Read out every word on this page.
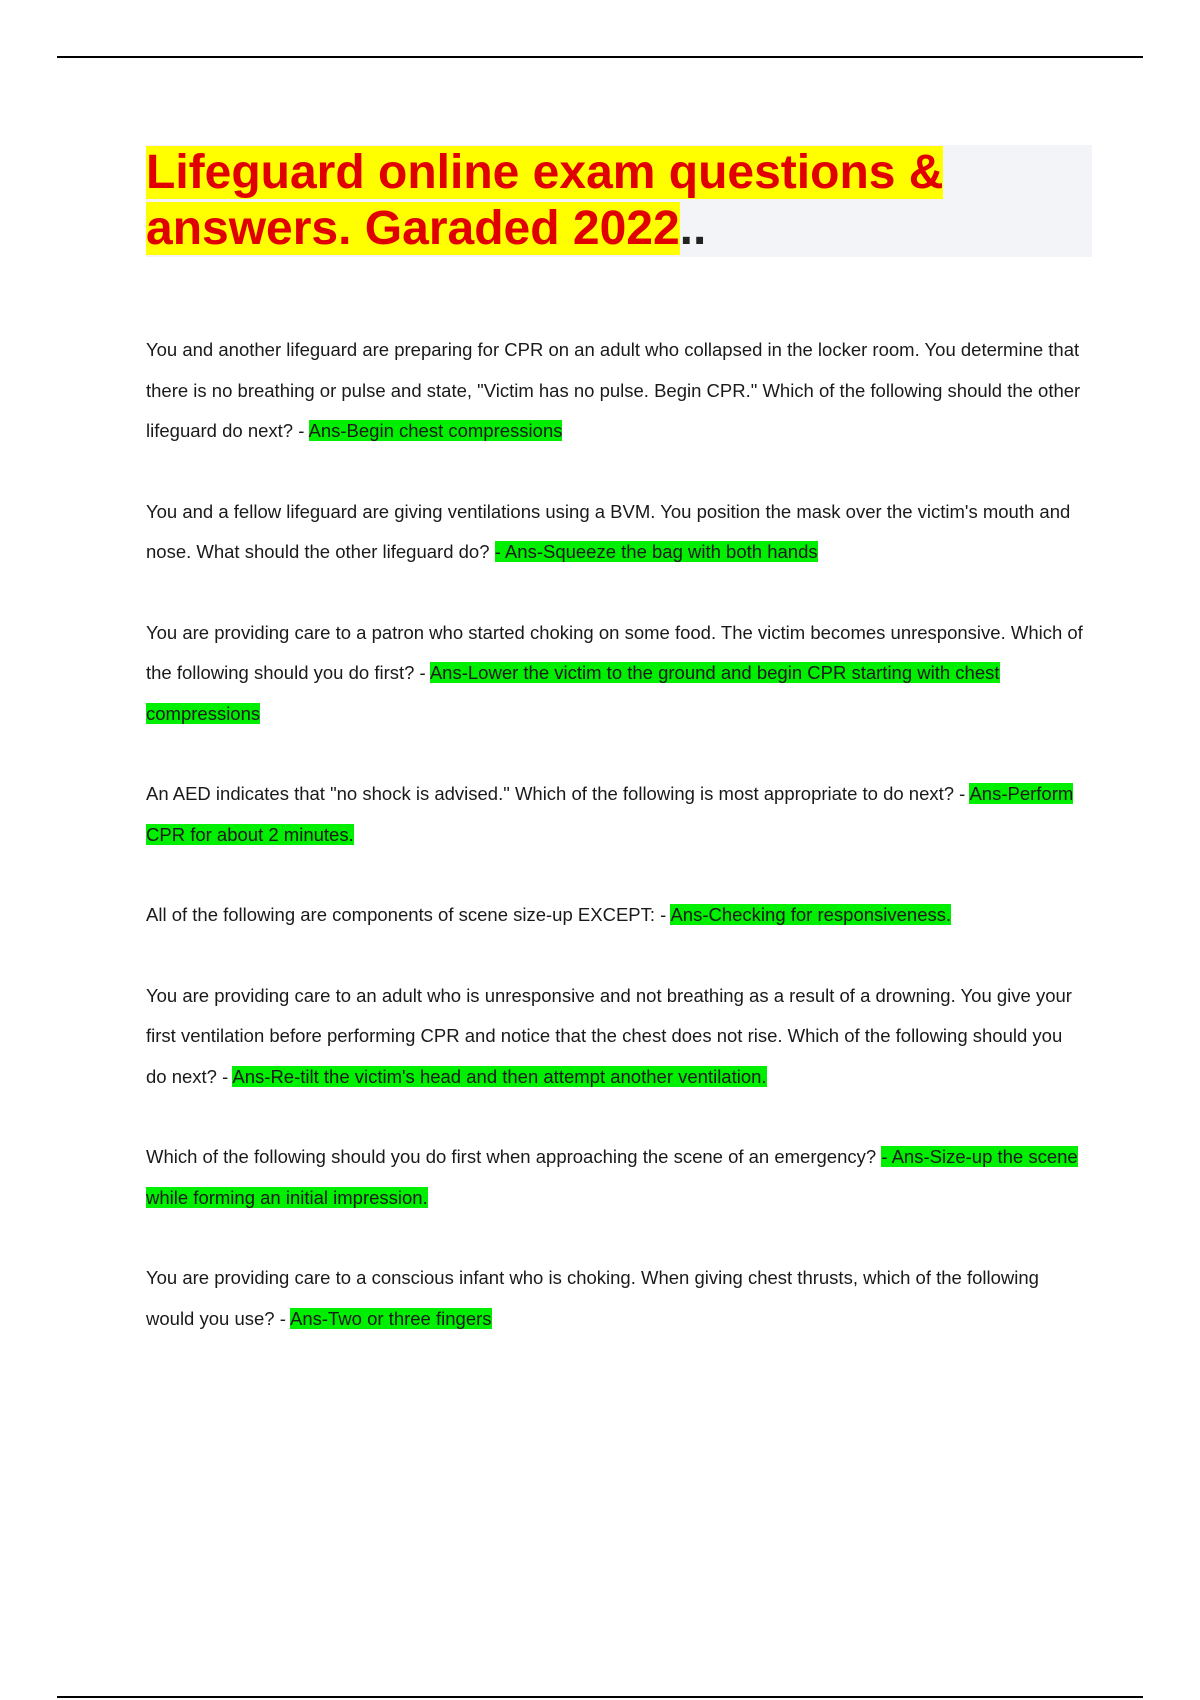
Lifeguard online exam questions & answers. Garaded 2022..

You and another lifeguard are preparing for CPR on an adult who collapsed in the locker room. You determine that there is no breathing or pulse and state, "Victim has no pulse. Begin CPR." Which of the following should the other lifeguard do next? - Ans-Begin chest compressions

You and a fellow lifeguard are giving ventilations using a BVM. You position the mask over the victim's mouth and nose. What should the other lifeguard do? - Ans-Squeeze the bag with both hands

You are providing care to a patron who started choking on some food. The victim becomes unresponsive. Which of the following should you do first? - Ans-Lower the victim to the ground and begin CPR starting with chest compressions

An AED indicates that "no shock is advised." Which of the following is most appropriate to do next? - Ans-Perform CPR for about 2 minutes.

All of the following are components of scene size-up EXCEPT: - Ans-Checking for responsiveness.

You are providing care to an adult who is unresponsive and not breathing as a result of a drowning. You give your first ventilation before performing CPR and notice that the chest does not rise. Which of the following should you do next? - Ans-Re-tilt the victim's head and then attempt another ventilation.

Which of the following should you do first when approaching the scene of an emergency? - Ans-Size-up the scene while forming an initial impression.

You are providing care to a conscious infant who is choking. When giving chest thrusts, which of the following would you use? - Ans-Two or three fingers
